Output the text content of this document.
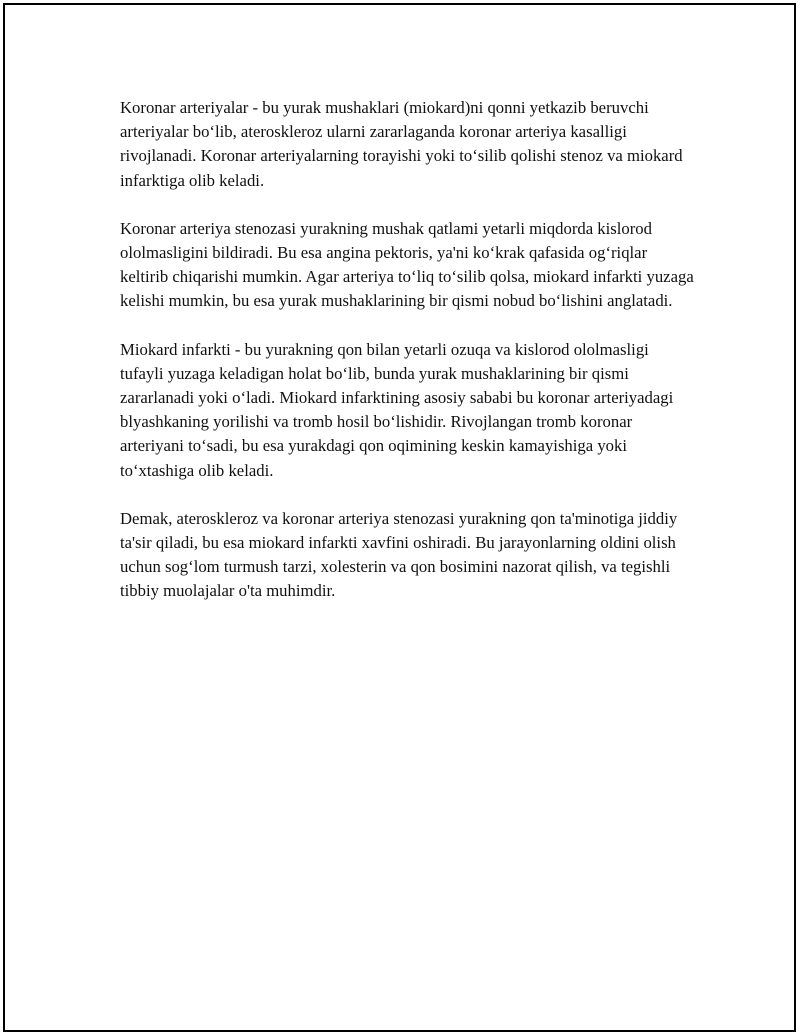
Koronar arteriyalar - bu yurak mushaklari (miokard)ni qonni yetkazib beruvchi arteriyalar bo‘lib, ateroskleroz ularni zararlaganda koronar arteriya kasalligi rivojlanadi. Koronar arteriyalarning torayishi yoki to‘silib qolishi stenoz va miokard infarktiga olib keladi.

Koronar arteriya stenozasi yurakning mushak qatlami yetarli miqdorda kislorod ololmasligini bildiradi. Bu esa angina pektoris, ya'ni ko‘krak qafasida og‘riqlar keltirib chiqarishi mumkin. Agar arteriya to‘liq to‘silib qolsa, miokard infarkti yuzaga kelishi mumkin, bu esa yurak mushaklarining bir qismi nobud bo‘lishini anglatadi.

Miokard infarkti - bu yurakning qon bilan yetarli ozuqa va kislorod ololmasligi tufayli yuzaga keladigan holat bo‘lib, bunda yurak mushaklarining bir qismi zararlanadi yoki o‘ladi. Miokard infarktining asosiy sababi bu koronar arteriyadagi blyashkaning yorilishi va tromb hosil bo‘lishidir. Rivojlangan tromb koronar arteriyani to‘sadi, bu esa yurakdagi qon oqimining keskin kamayishiga yoki to‘xtashiga olib keladi.

Demak, ateroskleroz va koronar arteriya stenozasi yurakning qon ta'minotiga jiddiy ta'sir qiladi, bu esa miokard infarkti xavfini oshiradi. Bu jarayonlarning oldini olish uchun sog‘lom turmush tarzi, xolesterin va qon bosimini nazorat qilish, va tegishli tibbiy muolajalar o'ta muhimdir.
